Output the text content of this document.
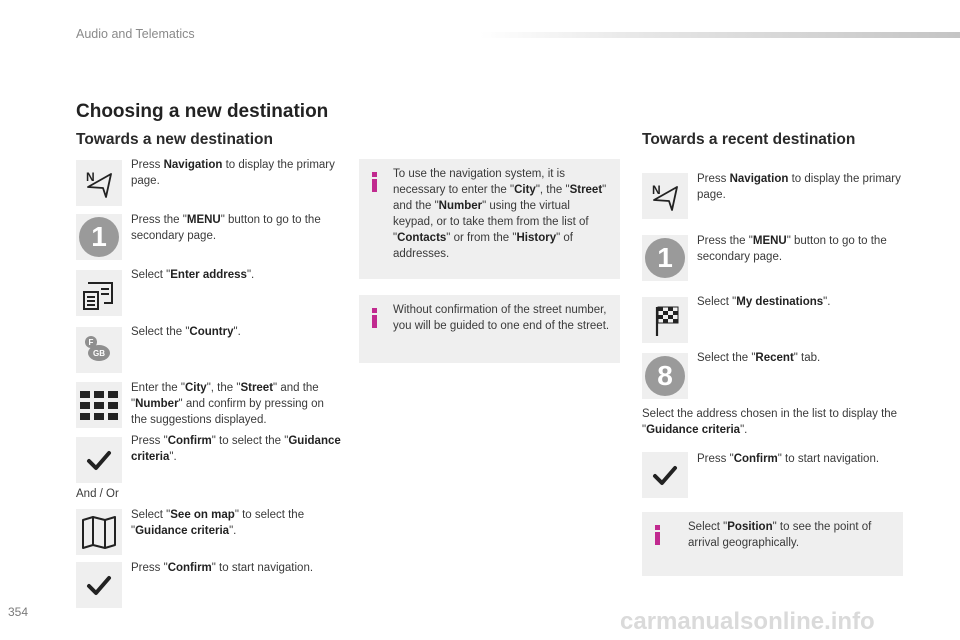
Audio and Telematics
Choosing a new destination
Towards a new destination
N
Press Navigation to display the primary page.
1
Press the "MENU" button to go to the secondary page.
Select "Enter address".
F
GB
Select the "Country".
Enter the "City", the "Street" and the "Number" and confirm by pressing on the suggestions displayed.
Press "Confirm" to select the "Guidance criteria".
And / Or
Select "See on map" to select the "Guidance criteria".
Press "Confirm" to start navigation.
To use the navigation system, it is necessary to enter the "City", the "Street" and the "Number" using the virtual keypad, or to take them from the list of "Contacts" or from the "History" of addresses.
Without confirmation of the street number, you will be guided to one end of the street.
Towards a recent destination
N
Press Navigation to display the primary page.
1
Press the "MENU" button to go to the secondary page.
Select "My destinations".
8
Select the "Recent" tab.
Select the address chosen in the list to display the "Guidance criteria".
Press "Confirm" to start navigation.
Select "Position" to see the point of arrival geographically.
354	carmanualsonline.info
